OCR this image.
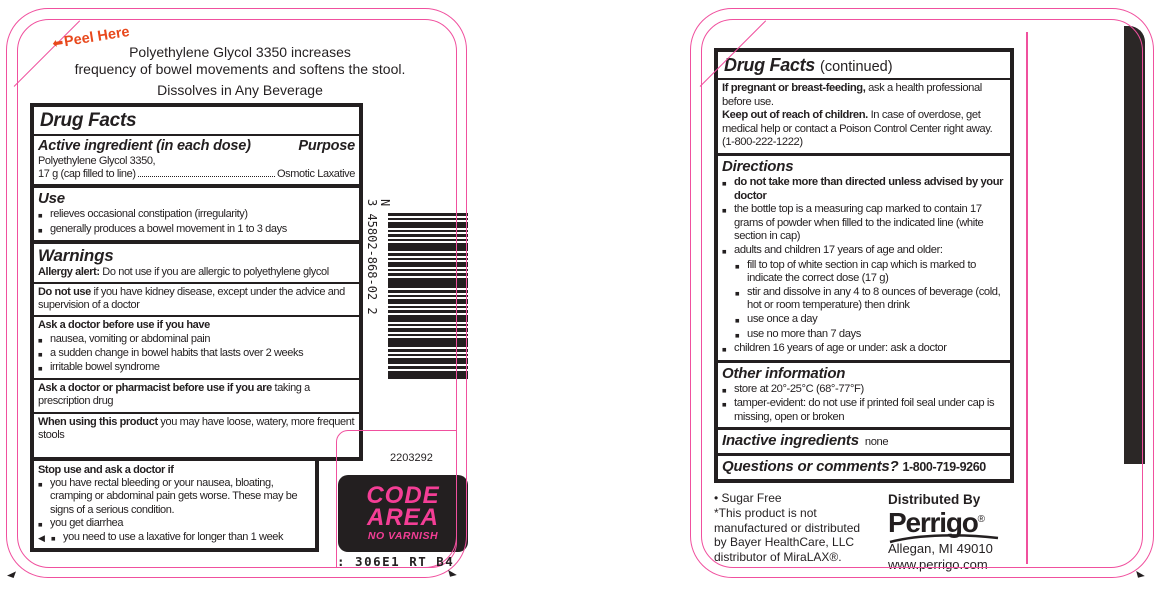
⬅Peel Here
Polyethylene Glycol 3350 increases
frequency of bowel movements and softens the stool.
Dissolves in Any Beverage
Drug Facts
Active ingredient (in each dose)	Purpose
Polyethylene Glycol 3350,
17 g (cap filled to line)	Osmotic Laxative
Use
■ relieves occasional constipation (irregularity)
■ generally produces a bowel movement in 1 to 3 days
Warnings
Allergy alert: Do not use if you are allergic to polyethylene glycol
Do not use if you have kidney disease, except under the advice and supervision of a doctor
Ask a doctor before use if you have
■ nausea, vomiting or abdominal pain
■ a sudden change in bowel habits that lasts over 2 weeks
■ irritable bowel syndrome
Ask a doctor or pharmacist before use if you are taking a prescription drug
When using this product you may have loose, watery, more frequent stools
Stop use and ask a doctor if
■ you have rectal bleeding or your nausea, bloating, cramping or abdominal pain gets worse. These may be signs of a serious condition.
■ you get diarrhea
◀ ■ you need to use a laxative for longer than 1 week
N
3 45802-868-02 2
2203292
CODE
AREA
NO VARNISH
: 306E1 RT B4
Drug Facts (continued)
If pregnant or breast-feeding, ask a health professional before use.
Keep out of reach of children. In case of overdose, get medical help or contact a Poison Control Center right away. (1-800-222-1222)
Directions
■ do not take more than directed unless advised by your doctor
■ the bottle top is a measuring cap marked to contain 17 grams of powder when filled to the indicated line (white section in cap)
■ adults and children 17 years of age and older:
■ fill to top of white section in cap which is marked to indicate the correct dose (17 g)
■ stir and dissolve in any 4 to 8 ounces of beverage (cold, hot or room temperature) then drink
■ use once a day
■ use no more than 7 days
■ children 16 years of age or under: ask a doctor
Other information
■ store at 20°-25°C (68°-77°F)
■ tamper-evident: do not use if printed foil seal under cap is missing, open or broken
Inactive ingredients none
Questions or comments? 1-800-719-9260
• Sugar Free
*This product is not
manufactured or distributed
by Bayer HealthCare, LLC
distributor of MiraLAX®.
Distributed By
Perrigo®
Allegan, MI 49010
www.perrigo.com
